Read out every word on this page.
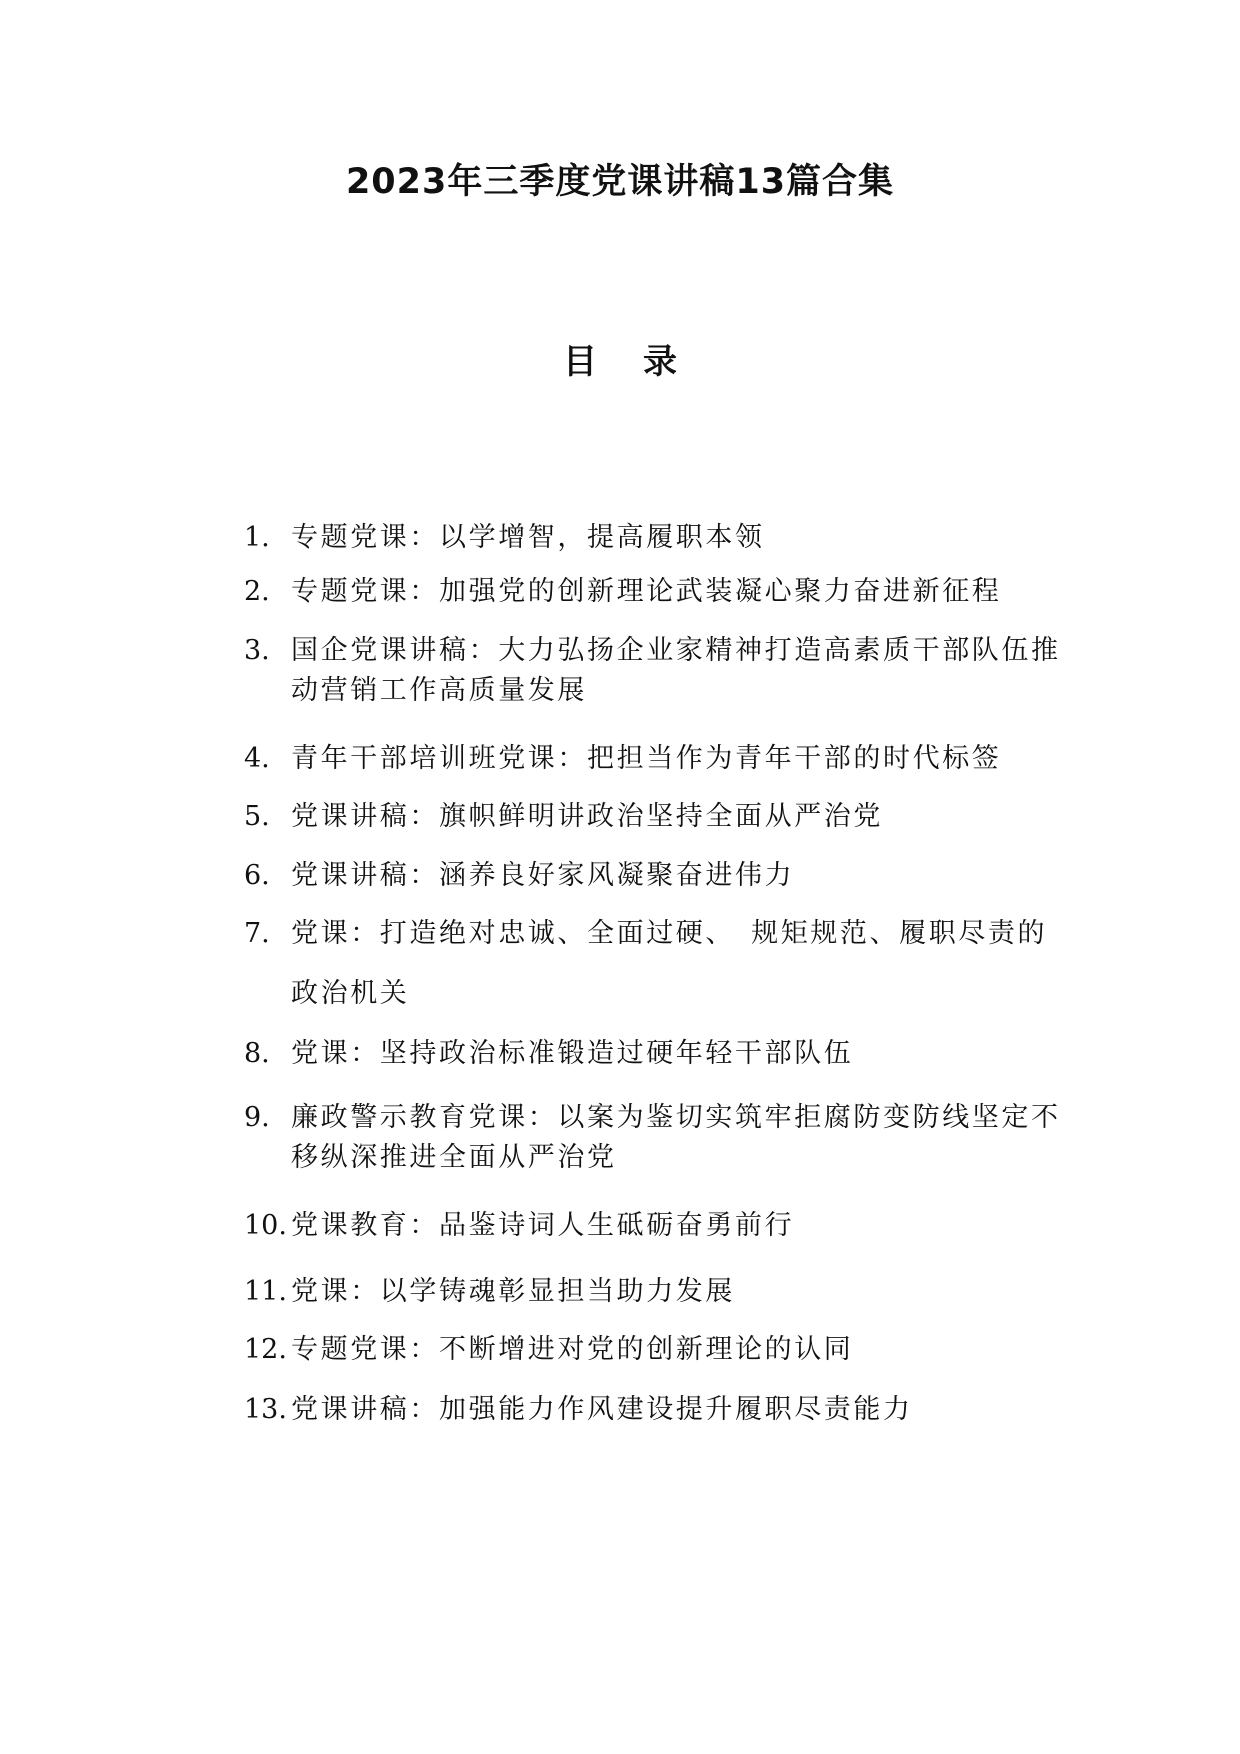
2023年三季度党课讲稿13篇合集
目 录
1. 专题党课：以学增智，提高履职本领
2. 专题党课：加强党的创新理论武装凝心聚力奋进新征程
3. 国企党课讲稿：大力弘扬企业家精神打造高素质干部队伍推动营销工作高质量发展
4. 青年干部培训班党课：把担当作为青年干部的时代标签
5. 党课讲稿：旗帜鲜明讲政治坚持全面从严治党
6. 党课讲稿：涵养良好家风凝聚奋进伟力
7. 党课：打造绝对忠诚、全面过硬、　规矩规范、履职尽责的政治机关
8. 党课：坚持政治标准锻造过硬年轻干部队伍
9. 廉政警示教育党课：以案为鉴切实筑牢拒腐防变防线坚定不移纵深推进全面从严治党
10. 党课教育：品鉴诗词人生砥砺奋勇前行
11. 党课：以学铸魂彰显担当助力发展
12. 专题党课：不断增进对党的创新理论的认同
13. 党课讲稿：加强能力作风建设提升履职尽责能力
